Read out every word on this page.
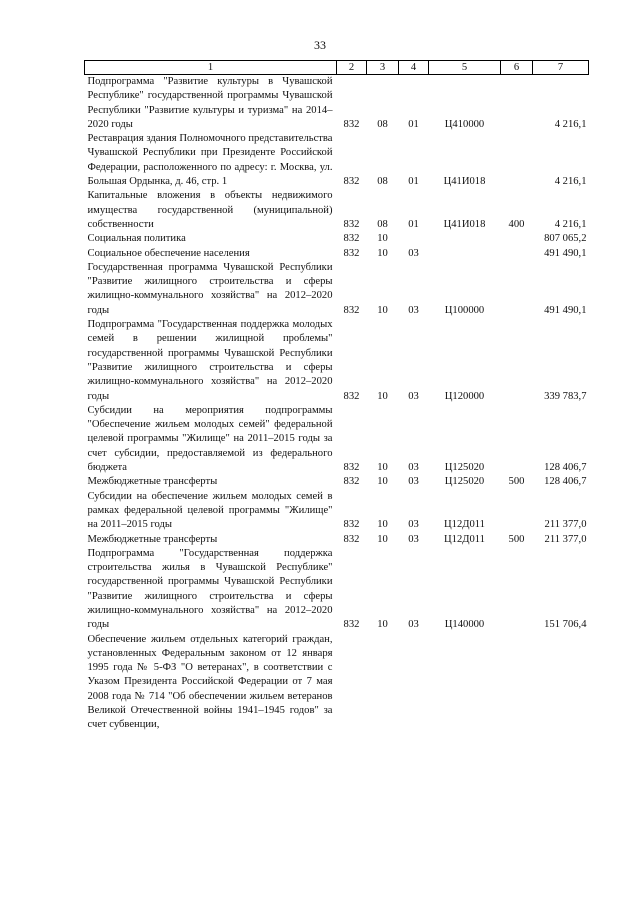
33
1	2	3	4	5	6	7
Подпрограмма "Развитие культуры в Чувашской Республике" государственной программы Чувашской Республики "Развитие культуры и туризма" на 2014–2020 годы	832	08	01	Ц410000		4 216,1
Реставрация здания Полномочного представительства Чувашской Республики при Президенте Российской Федерации, расположенного по адресу: г. Москва, ул. Большая Ордынка, д. 46, стр. 1	832	08	01	Ц41И018		4 216,1
Капитальные вложения в объекты недвижимого имущества государственной (муниципальной) собственности	832	08	01	Ц41И018	400	4 216,1
Социальная политика	832	10				807 065,2
Социальное обеспечение населения	832	10	03			491 490,1
Государственная программа Чувашской Республики "Развитие жилищного строительства и сферы жилищно-коммунального хозяйства" на 2012–2020 годы	832	10	03	Ц100000		491 490,1
Подпрограмма "Государственная поддержка молодых семей в решении жилищной проблемы" государственной программы Чувашской Республики "Развитие жилищного строительства и сферы жилищно-коммунального хозяйства" на 2012–2020 годы	832	10	03	Ц120000		339 783,7
Субсидии на мероприятия подпрограммы "Обеспечение жильем молодых семей" федеральной целевой программы "Жилище" на 2011–2015 годы за счет субсидии, предоставляемой из федерального бюджета	832	10	03	Ц125020		128 406,7
Межбюджетные трансферты	832	10	03	Ц125020	500	128 406,7
Субсидии на обеспечение жильем молодых семей в рамках федеральной целевой программы "Жилище" на 2011–2015 годы	832	10	03	Ц12Д011		211 377,0
Межбюджетные трансферты	832	10	03	Ц12Д011	500	211 377,0
Подпрограмма "Государственная поддержка строительства жилья в Чувашской Республике" государственной программы Чувашской Республики "Развитие жилищного строительства и сферы жилищно-коммунального хозяйства" на 2012–2020 годы	832	10	03	Ц140000		151 706,4
Обеспечение жильем отдельных категорий граждан, установленных Федеральным законом от 12 января 1995 года № 5-ФЗ "О ветеранах", в соответствии с Указом Президента Российской Федерации от 7 мая 2008 года № 714 "Об обеспечении жильем ветеранов Великой Отечественной войны 1941–1945 годов" за счет субвенции,						
